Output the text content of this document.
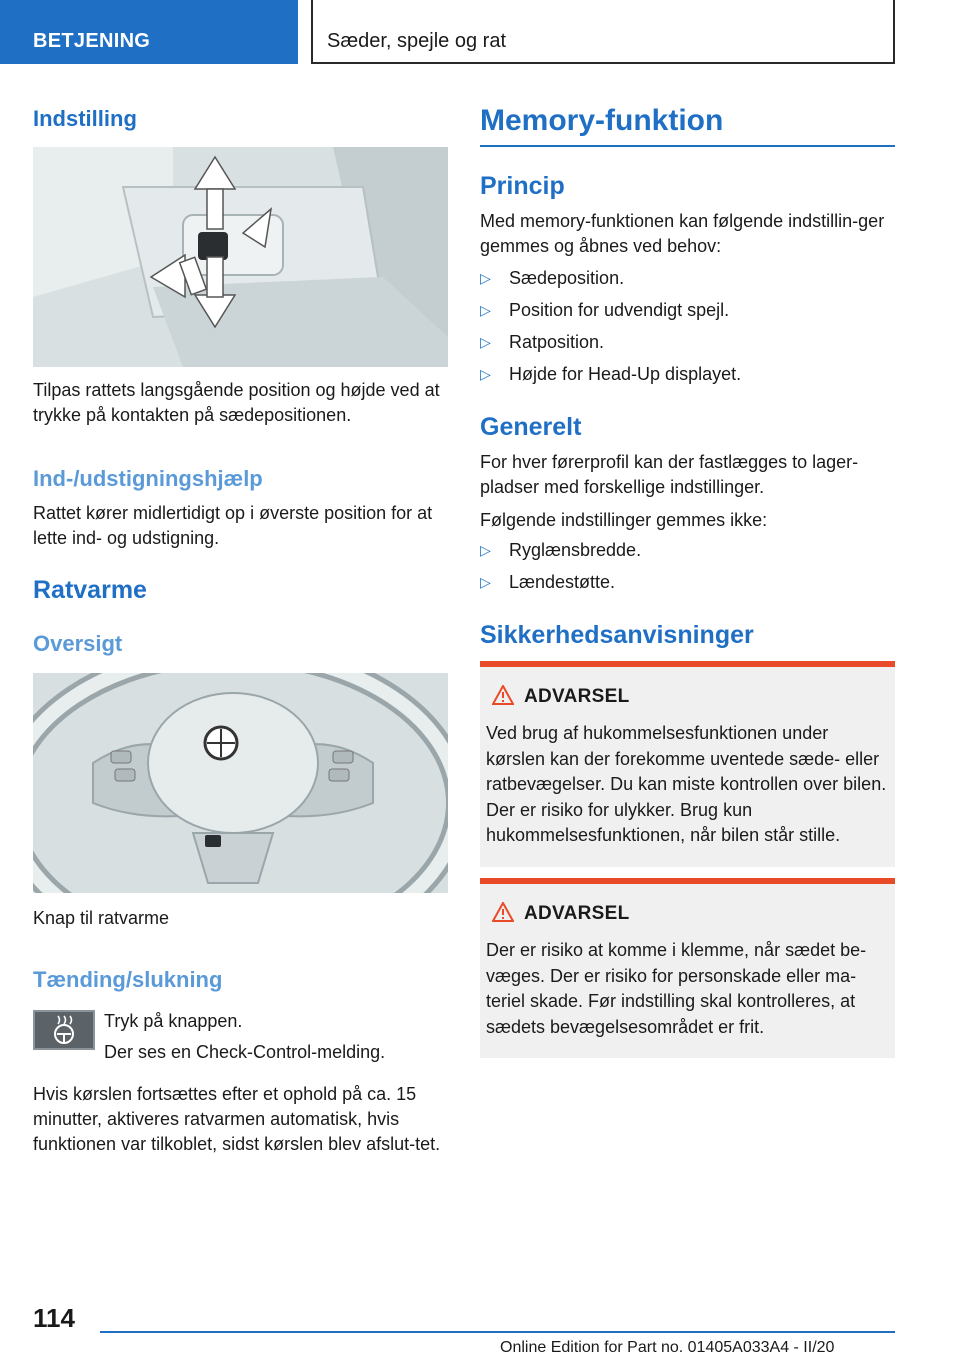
BETJENING	Sæder, spejle og rat
Indstilling

Tilpas rattets langsgående position og højde ved at trykke på kontakten på sædepositionen.

Ind-/udstigningshjælp

Rattet kører midlertidigt op i øverste position for at lette ind- og udstigning.

Ratvarme
Oversigt

Knap til ratvarme

Tænding/slukning

Tryk på knappen.

Der ses en Check-Control-melding.

Hvis kørslen fortsættes efter et ophold på ca. 15 minutter, aktiveres ratvarmen automatisk, hvis funktionen var tilkoblet, sidst kørslen blev afslut-tet.

Memory-funktion
Princip

Med memory-funktionen kan følgende indstillin-ger gemmes og åbnes ved behov:

▷ Sædeposition.
▷ Position for udvendigt spejl.
▷ Ratposition.
▷ Højde for Head-Up displayet.
Generelt

For hver førerprofil kan der fastlægges to lager-pladser med forskellige indstillinger.

Følgende indstillinger gemmes ikke:

▷ Ryglænsbredde.
▷ Lændestøtte.
Sikkerhedsanvisninger
ADVARSEL

Ved brug af hukommelsesfunktionen under kørslen kan der forekomme uventede sæde- eller ratbevægelser. Du kan miste kontrollen over bilen. Der er risiko for ulykker. Brug kun hukommelsesfunktionen, når bilen står stille.

ADVARSEL

Der er risiko at komme i klemme, når sædet be-væges. Der er risiko for personskade eller ma-teriel skade. Før indstilling skal kontrolleres, at sædets bevægelsesområdet er frit.

114
Online Edition for Part no. 01405A033A4 - II/20
